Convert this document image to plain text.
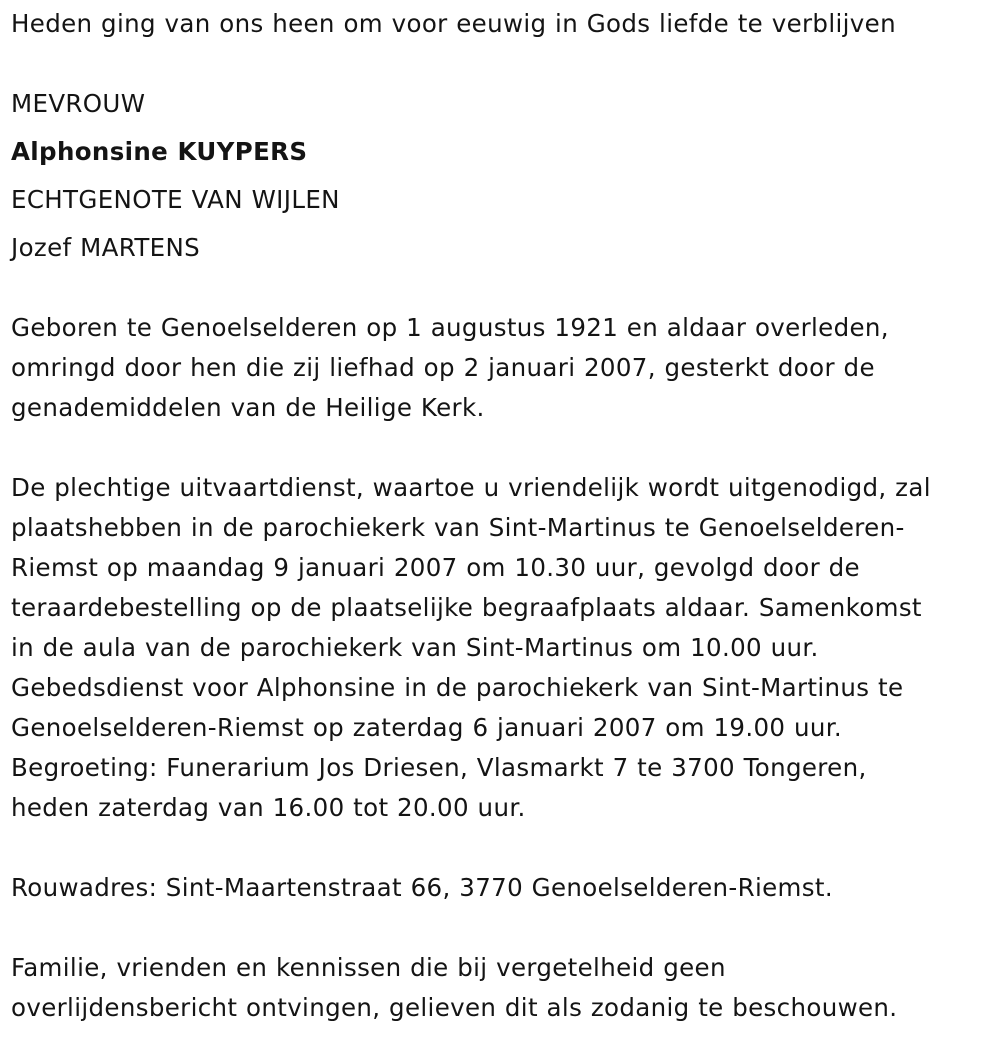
Heden ging van ons heen om voor eeuwig in Gods liefde te verblijven
MEVROUW
Alphonsine KUYPERS
ECHTGENOTE VAN WIJLEN
Jozef MARTENS
Geboren te Genoelselderen op 1 augustus 1921 en aldaar overleden,
omringd door hen die zij liefhad op 2 januari 2007, gesterkt door de
genademiddelen van de Heilige Kerk.
De plechtige uitvaartdienst, waartoe u vriendelijk wordt uitgenodigd, zal
plaatshebben in de parochiekerk van Sint-Martinus te Genoelselderen-
Riemst op maandag 9 januari 2007 om 10.30 uur, gevolgd door de
teraardebestelling op de plaatselijke begraafplaats aldaar. Samenkomst
in de aula van de parochiekerk van Sint-Martinus om 10.00 uur.
Gebedsdienst voor Alphonsine in de parochiekerk van Sint-Martinus te
Genoelselderen-Riemst op zaterdag 6 januari 2007 om 19.00 uur.
Begroeting: Funerarium Jos Driesen, Vlasmarkt 7 te 3700 Tongeren,
heden zaterdag van 16.00 tot 20.00 uur.
Rouwadres: Sint-Maartenstraat 66, 3770 Genoelselderen-Riemst.
Familie, vrienden en kennissen die bij vergetelheid geen
overlijdensbericht ontvingen, gelieven dit als zodanig te beschouwen.
